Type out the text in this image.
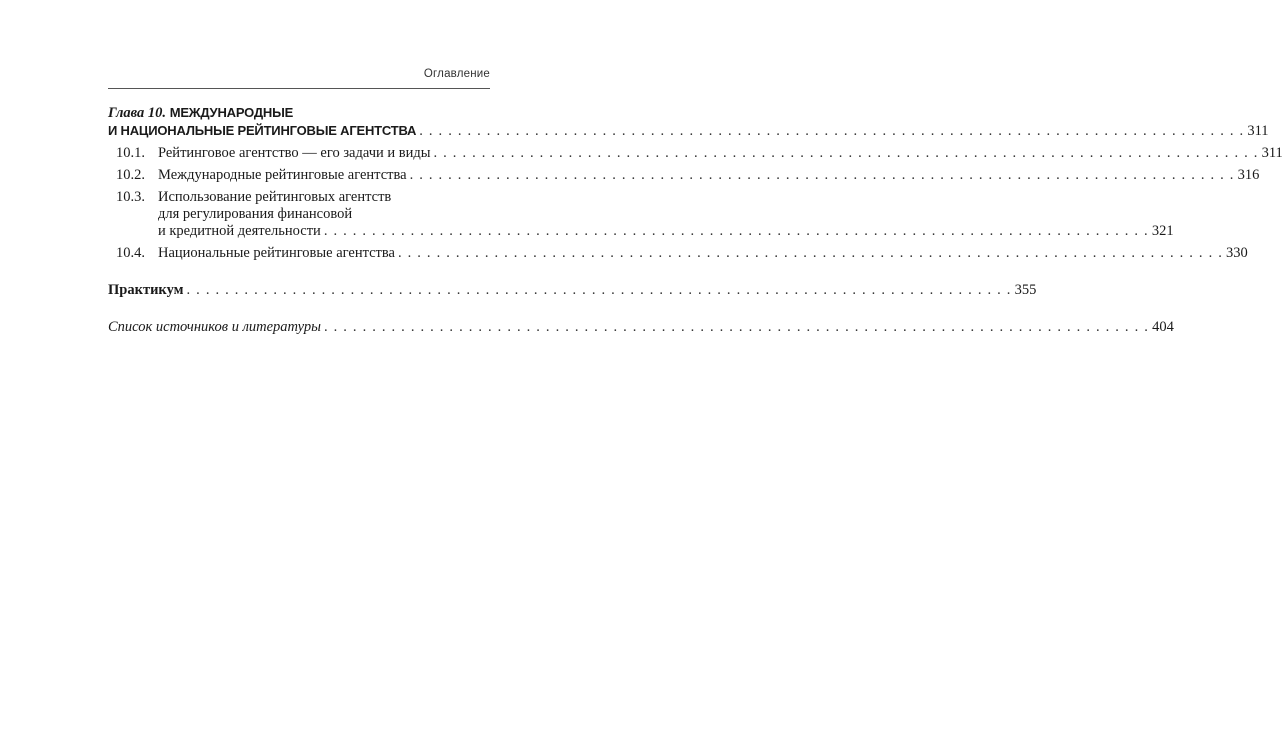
Оглавление
Глава 10.
МЕЖДУНАРОДНЫЕ
И НАЦИОНАЛЬНЫЕ РЕЙТИНГОВЫЕ АГЕНТСТВА . . .	311
10.1. Рейтинговое агентство — его задачи и виды . . .	311
10.2. Международные рейтинговые агентства . . .	316
10.3. Использование рейтинговых агентств
для регулирования финансовой
и кредитной деятельности . . .	321
10.4. Национальные рейтинговые агентства . . .	330
Практикум . . .	355
Список источников и литературы . . .	404
